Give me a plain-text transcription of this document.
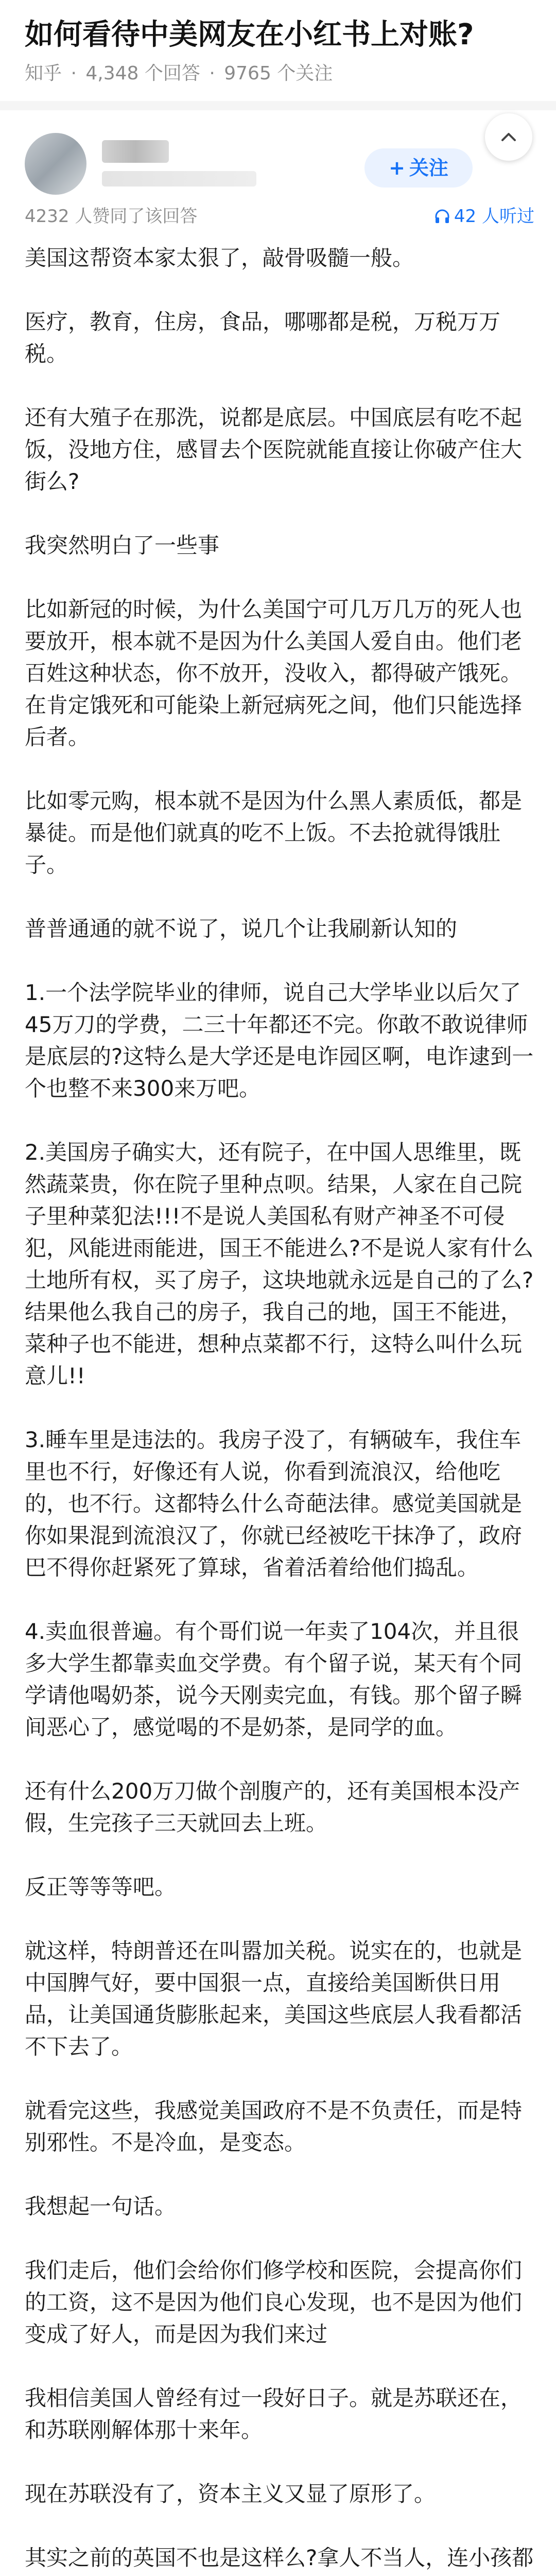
如何看待中美网友在小红书上对账?
知乎 · 4,348 个回答 · 9765 个关注
+ 关注
4232 人赞同了该回答	42 人听过

美国这帮资本家太狠了，敲骨吸髓一般。

医疗，教育，住房，食品，哪哪都是税，万税万万税。

还有大殖子在那洗，说都是底层。中国底层有吃不起饭，没地方住，感冒去个医院就能直接让你破产住大街么?

我突然明白了一些事

比如新冠的时候，为什么美国宁可几万几万的死人也要放开，根本就不是因为什么美国人爱自由。他们老百姓这种状态，你不放开，没收入，都得破产饿死。在肯定饿死和可能染上新冠病死之间，他们只能选择后者。

比如零元购，根本就不是因为什么黑人素质低，都是暴徒。而是他们就真的吃不上饭。不去抢就得饿肚子。

普普通通的就不说了，说几个让我刷新认知的

1.一个法学院毕业的律师，说自己大学毕业以后欠了45万刀的学费，二三十年都还不完。你敢不敢说律师是底层的?这特么是大学还是电诈园区啊，电诈逮到一个也整不来300来万吧。

2.美国房子确实大，还有院子，在中国人思维里，既然蔬菜贵，你在院子里种点呗。结果，人家在自己院子里种菜犯法!!!不是说人美国私有财产神圣不可侵犯，风能进雨能进，国王不能进么?不是说人家有什么土地所有权，买了房子，这块地就永远是自己的了么?结果他么我自己的房子，我自己的地，国王不能进，菜种子也不能进，想种点菜都不行，这特么叫什么玩意儿!!

3.睡车里是违法的。我房子没了，有辆破车，我住车里也不行，好像还有人说，你看到流浪汉，给他吃的，也不行。这都特么什么奇葩法律。感觉美国就是你如果混到流浪汉了，你就已经被吃干抹净了，政府巴不得你赶紧死了算球，省着活着给他们捣乱。

4.卖血很普遍。有个哥们说一年卖了104次，并且很多大学生都靠卖血交学费。有个留子说，某天有个同学请他喝奶茶，说今天刚卖完血，有钱。那个留子瞬间恶心了，感觉喝的不是奶茶，是同学的血。

还有什么200万刀做个剖腹产的，还有美国根本没产假，生完孩子三天就回去上班。

反正等等等吧。

就这样，特朗普还在叫嚣加关税。说实在的，也就是中国脾气好，要中国狠一点，直接给美国断供日用品，让美国通货膨胀起来，美国这些底层人我看都活不下去了。

就看完这些，我感觉美国政府不是不负责任，而是特别邪性。不是冷血，是变态。

我想起一句话。

我们走后，他们会给你们修学校和医院，会提高你们的工资，这不是因为他们良心发现，也不是因为他们变成了好人，而是因为我们来过

我相信美国人曾经有过一段好日子。就是苏联还在，和苏联刚解体那十来年。

现在苏联没有了，资本主义又显了原形了。

其实之前的英国不也是这样么?拿人不当人，连小孩都
